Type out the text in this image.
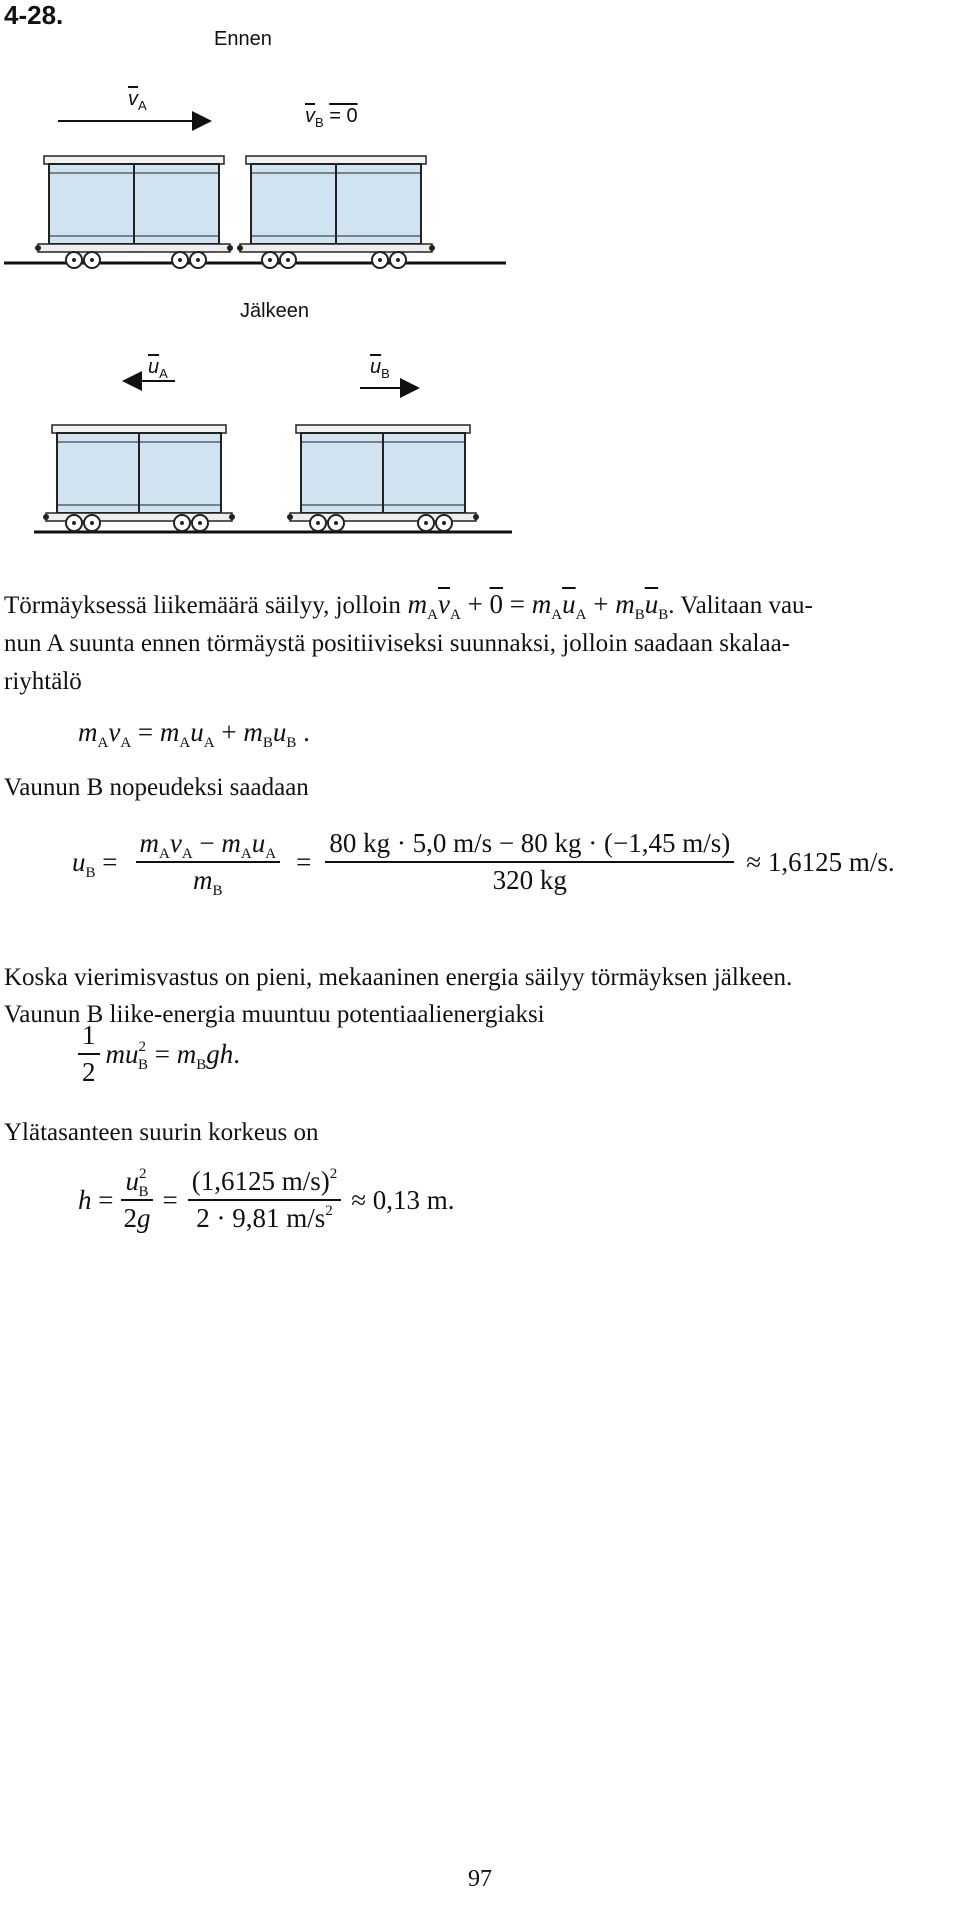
4-28.
Ennen
Jälkeen
$\overline{v}_A$	$\overline{v}_B = 0$
$\overline{u}_A$	$\overline{u}_B$
Törmäyksessä liikemäärä säilyy, jolloin $m_A\overline{v}_A + 0 = m_A\overline{u}_A + m_B\overline{u}_B$. Valitaan vau-
nun A suunta ennen törmäystä positiiviseksi suunnaksi, jolloin saadaan skalaa-
riyhtälö
$m_Av_A = m_Au_A + m_Bu_B$ .
Vaunun B nopeudeksi saadaan
$u_B = \frac{m_Av_A - m_Au_A}{m_B} = \frac{80 kg \cdot 5,0 m/s - 80 kg \cdot (-1,45 m/s)}{320 kg} \approx 1,6125$ m/s.
Koska vierimisvastus on pieni, mekaaninen energia säilyy törmäyksen jälkeen.
Vaunun B liike-energia muuntuu potentiaalienergiaksi
$\frac{1}{2} mu^2_B = m_Bgh$.
Ylätasanteen suurin korkeus on
$h = \frac{u^2_B}{2g} = \frac{(1,6125 m/s)^2}{2 \cdot 9,81 m/s^2} \approx 0,13$ m.
97
